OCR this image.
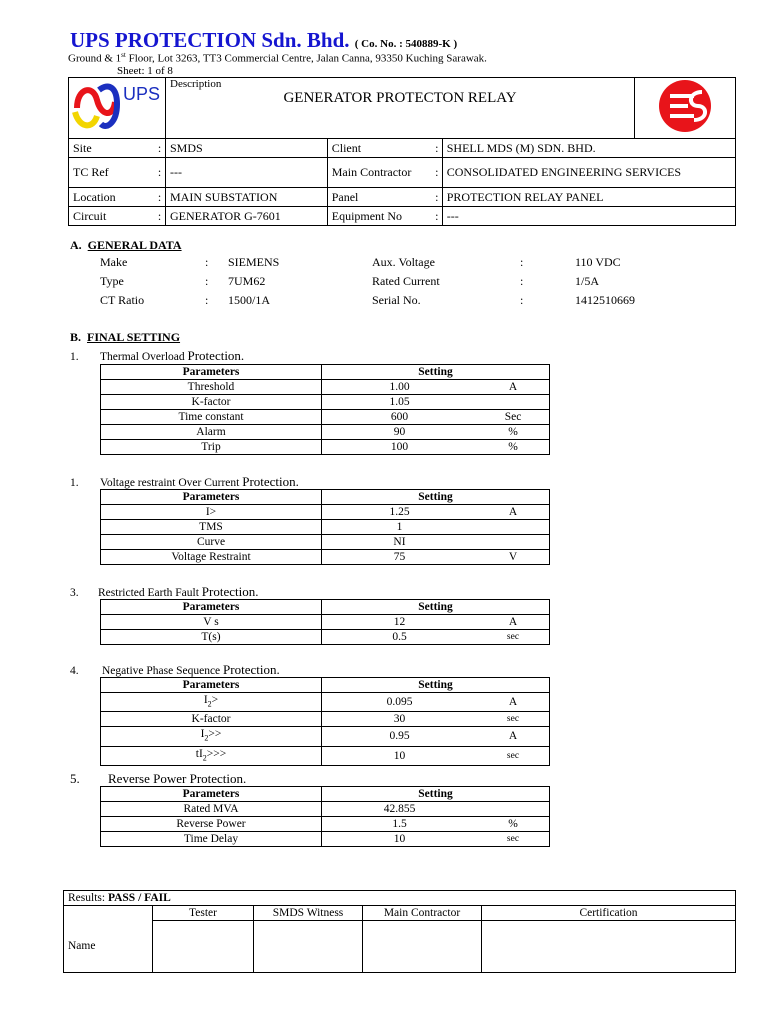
UPS PROTECTION Sdn. Bhd. ( Co. No. : 540889-K )
Ground & 1st Floor, Lot 3263, TT3 Commercial Centre, Jalan Canna, 93350 Kuching Sarawak.
Sheet: 1 of 8
UPS		Description
GENERATOR PROTECTON RELAY

Site	:	SMDS	Client	:	SHELL MDS (M) SDN. BHD.	
TC Ref	:	---	Main Contractor	:	CONSOLIDATED ENGINEERING SERVICES	
Location	:	MAIN SUBSTATION	Panel	:	PROTECTION RELAY PANEL	
Circuit	:	GENERATOR G-7601	Equipment No	:	---	
A. GENERAL DATA
Make	: SIEMENS	Aux. Voltage	:	110 VDC
Type	: 7UM62	Rated Current	:	1/5A
CT Ratio	: 1500/1A	Serial No.	:	1412510669
B. FINAL SETTING
1. Thermal Overload Protection.
Parameters	Setting	
Threshold	1.00	A
K-factor	1.05	
Time constant	600	Sec
Alarm	90	%
Trip	100	%
1. Voltage restraint Over Current Protection.
Parameters	Setting	
I>	1.25	A
TMS	1	
Curve	NI	
Voltage Restraint	75	V
3. Restricted Earth Fault Protection.
Parameters	Setting	
V s	12	A
T(s)	0.5	sec
4. Negative Phase Sequence Protection.
Parameters	Setting	
$I_2>$	0.095	A
K-factor	30	sec
$I_2>>$	0.95	A
$tI_2>>>$	10	sec
5. Reverse Power Protection.
Parameters	Setting	
Rated MVA	42.855	
Reverse Power	1.5	%
Time Delay	10	sec
Results: PASS / FAIL				
	Tester	SMDS Witness	Main Contractor	Certification
Name				
